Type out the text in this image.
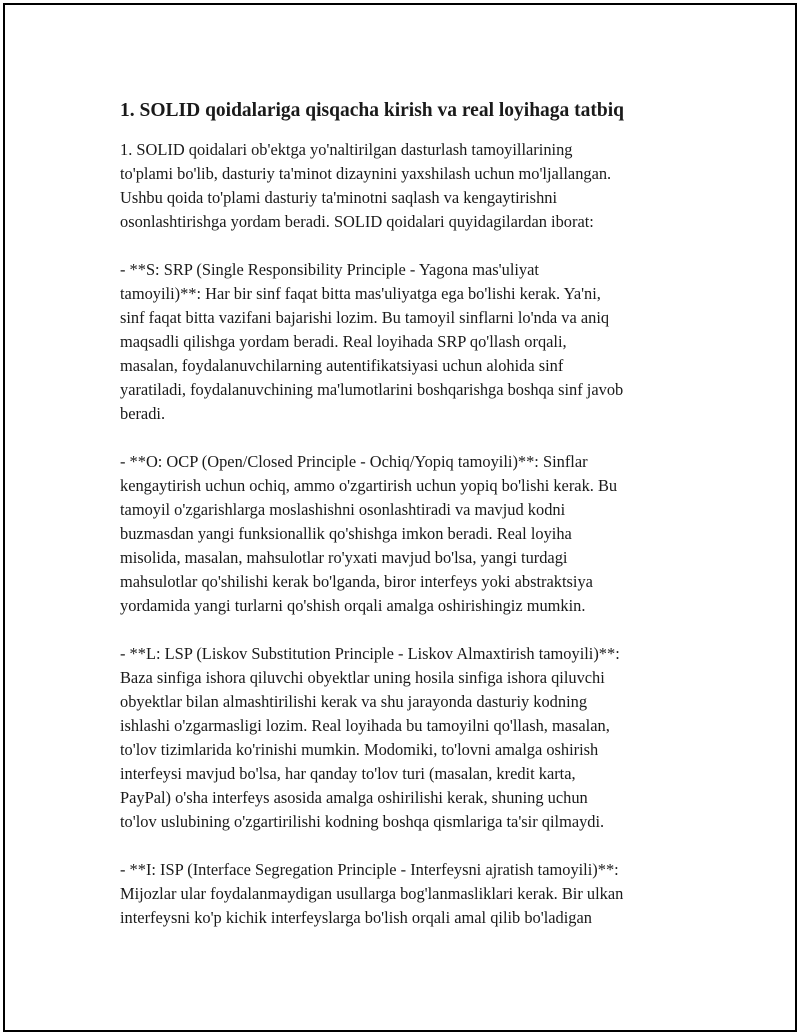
1. SOLID qoidalariga qisqacha kirish va real loyihaga tatbiq

1. SOLID qoidalari ob'ektga yo'naltirilgan dasturlash tamoyillarining
to'plami bo'lib, dasturiy ta'minot dizaynini yaxshilash uchun mo'ljallangan.
Ushbu qoida to'plami dasturiy ta'minotni saqlash va kengaytirishni
osonlashtirishga yordam beradi. SOLID qoidalari quyidagilardan iborat:

- **S: SRP (Single Responsibility Principle - Yagona mas'uliyat
tamoyili)**: Har bir sinf faqat bitta mas'uliyatga ega bo'lishi kerak. Ya'ni,
sinf faqat bitta vazifani bajarishi lozim. Bu tamoyil sinflarni lo'nda va aniq
maqsadli qilishga yordam beradi. Real loyihada SRP qo'llash orqali,
masalan, foydalanuvchilarning autentifikatsiyasi uchun alohida sinf
yaratiladi, foydalanuvchining ma'lumotlarini boshqarishga boshqa sinf javob
beradi.

- **O: OCP (Open/Closed Principle - Ochiq/Yopiq tamoyili)**: Sinflar
kengaytirish uchun ochiq, ammo o'zgartirish uchun yopiq bo'lishi kerak. Bu
tamoyil o'zgarishlarga moslashishni osonlashtiradi va mavjud kodni
buzmasdan yangi funksionallik qo'shishga imkon beradi. Real loyiha
misolida, masalan, mahsulotlar ro'yxati mavjud bo'lsa, yangi turdagi
mahsulotlar qo'shilishi kerak bo'lganda, biror interfeys yoki abstraktsiya
yordamida yangi turlarni qo'shish orqali amalga oshirishingiz mumkin.

- **L: LSP (Liskov Substitution Principle - Liskov Almaxtirish tamoyili)**:
Baza sinfiga ishora qiluvchi obyektlar uning hosila sinfiga ishora qiluvchi
obyektlar bilan almashtirilishi kerak va shu jarayonda dasturiy kodning
ishlashi o'zgarmasligi lozim. Real loyihada bu tamoyilni qo'llash, masalan,
to'lov tizimlarida ko'rinishi mumkin. Modomiki, to'lovni amalga oshirish
interfeysi mavjud bo'lsa, har qanday to'lov turi (masalan, kredit karta,
PayPal) o'sha interfeys asosida amalga oshirilishi kerak, shuning uchun
to'lov uslubining o'zgartirilishi kodning boshqa qismlariga ta'sir qilmaydi.

- **I: ISP (Interface Segregation Principle - Interfeysni ajratish tamoyili)**:
Mijozlar ular foydalanmaydigan usullarga bog'lanmasliklari kerak. Bir ulkan
interfeysni ko'p kichik interfeyslarga bo'lish orqali amal qilib bo'ladigan
